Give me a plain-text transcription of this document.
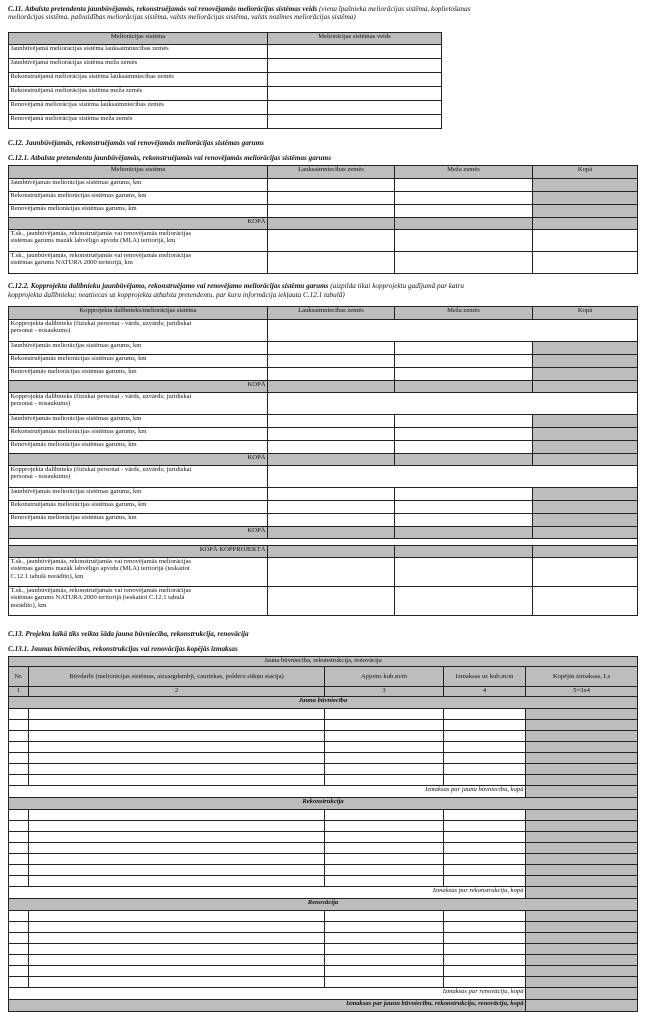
C.11. Atbalsta pretendenta jaunbūvējamās, rekonstruējamās vai renovējamās meliorācijas sistēmas veids (viena īpašnieka meliorācijas sistēma, koplietošanas
meliorācijas sistēma, pašvaldības meliorācijas sistēma, valsts meliorācijas sistēma, valsts nozīmes meliorācijas sistēma)
Meliorācijas sistēma	Meliorācijas sistēmas veids
Jaunbūvējamā meliorācijas sistēma lauksaimniecības zemēs	
Jaunbūvējamā meliorācijas sistēma meža zemēs	
Rekonstruējamā meliorācijas sistēma lauksaimniecības zemēs	
Rekonstruējamā meliorācijas sistēma meža zemēs	
Renovējamā meliorācijas sistēma lauksaimniecības zemēs	
Renovējamā meliorācijas sistēma meža zemēs	
C.12. Jaunbūvējamās, rekonstruējamās vai renovējamās meliorācijas sistēmas garums
C.12.1. Atbalsta pretendentu jaunbūvējamās, rekonstruējamās vai renovējamās meliorācijas sistēmas garums
Meliorācijas sistēma	Lauksaimniecības zemēs	Meža zemēs	Kopā
Jaunbūvējamās meliorācijas sistēmas garums, km			
Rekonstruējamās meliorācijas sistēmas garums, km			
Renovējamās meliorācijas sistēmas garums, km			
KOPĀ			

T.sk., jaunbūvējamās, rekonstruējamās vai renovējamās meliorācijas
sistēmas garums mazāk labvēlīgo apvidu (MLA) teritorijā, km			

T.sk., jaunbūvējamās, rekonstruējamās vai renovējamās meliorācijas
sistēmas garums NATURA 2000 teritorijā, km			

C.12.2. Kopprojekta dalībnieku jaunbūvējamo, rekonstruējamo vai renovējamo meliorācijas sistēmu garums (aizpilda tikai kopprojektu gadījumā par katru
kopprojekta dalībnieku; neattiecas uz kopprojekta atbalsta pretendentu, par kuru informācija iekļauta C.12.1 tabulā)
Kopprojekta dalībnieks/meliorācijas sistēma	Lauksaimniecības zemēs	Meža zemēs	Kopā

Kopprojekta dalībnieks (fiziskai personai - vārds, uzvārds; juridiskai
personai - nosaukums)			

Jaunbūvējamās meliorācijas sistēmas garums, km			
Rekonstruējamās meliorācijas sistēmas garums, km			
Renovējamās meliorācijas sistēmas garums, km			
KOPĀ			

Kopprojekta dalībnieks (fiziskai personai - vārds, uzvārds; juridiskai
personai - nosaukums)			

Jaunbūvējamās meliorācijas sistēmas garums, km			
Rekonstruējamās meliorācijas sistēmas garums, km			
Renovējamās meliorācijas sistēmas garums, km			
KOPĀ			

Kopprojekta dalībnieks (fiziskai personai - vārds, uzvārds; juridiskai
personai - nosaukums)			

Jaunbūvējamās meliorācijas sistēmas garums, km			
Rekonstruējamās meliorācijas sistēmas garums, km			
Renovējamās meliorācijas sistēmas garums, km			
KOPĀ			

KOPĀ KOPPROJEKTĀ			

T.sk., jaunbūvējamās, rekonstruējamās vai renovējamās meliorācijas
sistēmas garums mazāk labvēlīgo apvidu (MLA) teritorijā (ieskaitot
C.12.1 tabulā norādīto), km			

T.sk., jaunbūvējamās, rekonstruējamās vai renovējamās meliorācijas
sistēmas garums NATURA 2000 teritorijā (ieskaitot C.12.1 tabulā
norādīto), km			

C.13. Projekta laikā tiks veikta šāda jauna būvniecība, rekonstrukcija, renovācija
C.13.1. Jaunas būvniecības, rekonstrukcijas vai renovācijas kopējās izmaksas
Jauna būvniecība, rekonstrukcija, renovācija				
Nr.	Būvdarbi (meliorācijas sistēmas, aizsargdambji, caurtekas, polderu sūkņu stacija)	Apjoms kub.m/m	Izmaksas uz kub.m/m	Kopējās izmaksas, Ls
1	2	3	4	5=3x4
Jauna būvniecība				

Izmaksas par jaunu būvniecību, kopā				
Rekonstrukcija				

Izmaksas par rekonstrukciju, kopā				
Renovācija				

Izmaksas par renovāciju, kopā				
Izmaksas par jaunu būvniecību, rekonstrukciju, renovāciju, kopā				
